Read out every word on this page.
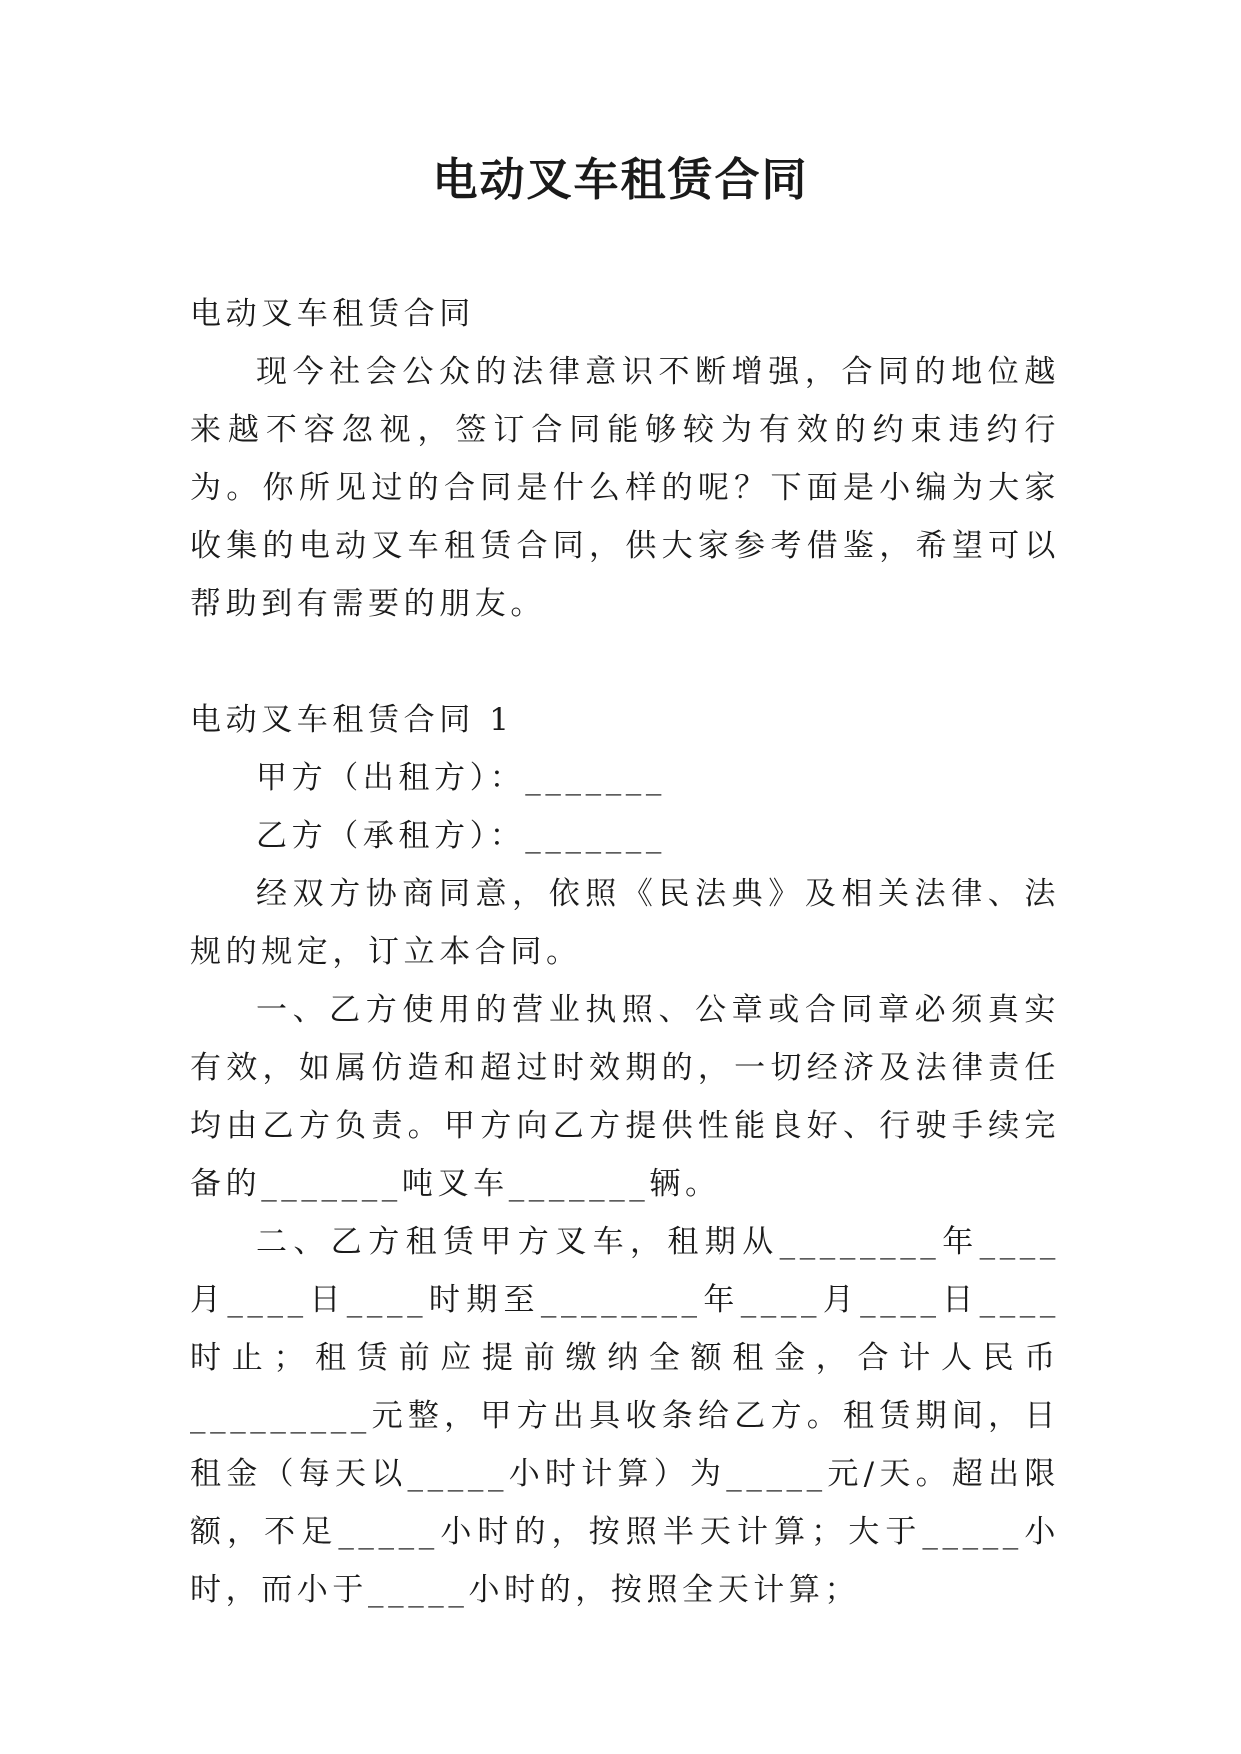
电动叉车租赁合同

电动叉车租赁合同

现今社会公众的法律意识不断增强，合同的地位越来越不容忽视，签订合同能够较为有效的约束违约行为。你所见过的合同是什么样的呢？下面是小编为大家收集的电动叉车租赁合同，供大家参考借鉴，希望可以帮助到有需要的朋友。

电动叉车租赁合同 1

甲方（出租方）：_______

乙方（承租方）：_______

经双方协商同意，依照《民法典》及相关法律、法规的规定，订立本合同。

一、乙方使用的营业执照、公章或合同章必须真实有效，如属仿造和超过时效期的，一切经济及法律责任均由乙方负责。甲方向乙方提供性能良好、行驶手续完备的_______吨叉车_______辆。

二、乙方租赁甲方叉车，租期从________年____月____日____时期至________年____月____日____时止；租赁前应提前缴纳全额租金，合计人民币_________元整，甲方出具收条给乙方。租赁期间，日租金（每天以_____小时计算）为_____元/天。超出限额，不足_____小时的，按照半天计算；大于_____小时，而小于_____小时的，按照全天计算；
